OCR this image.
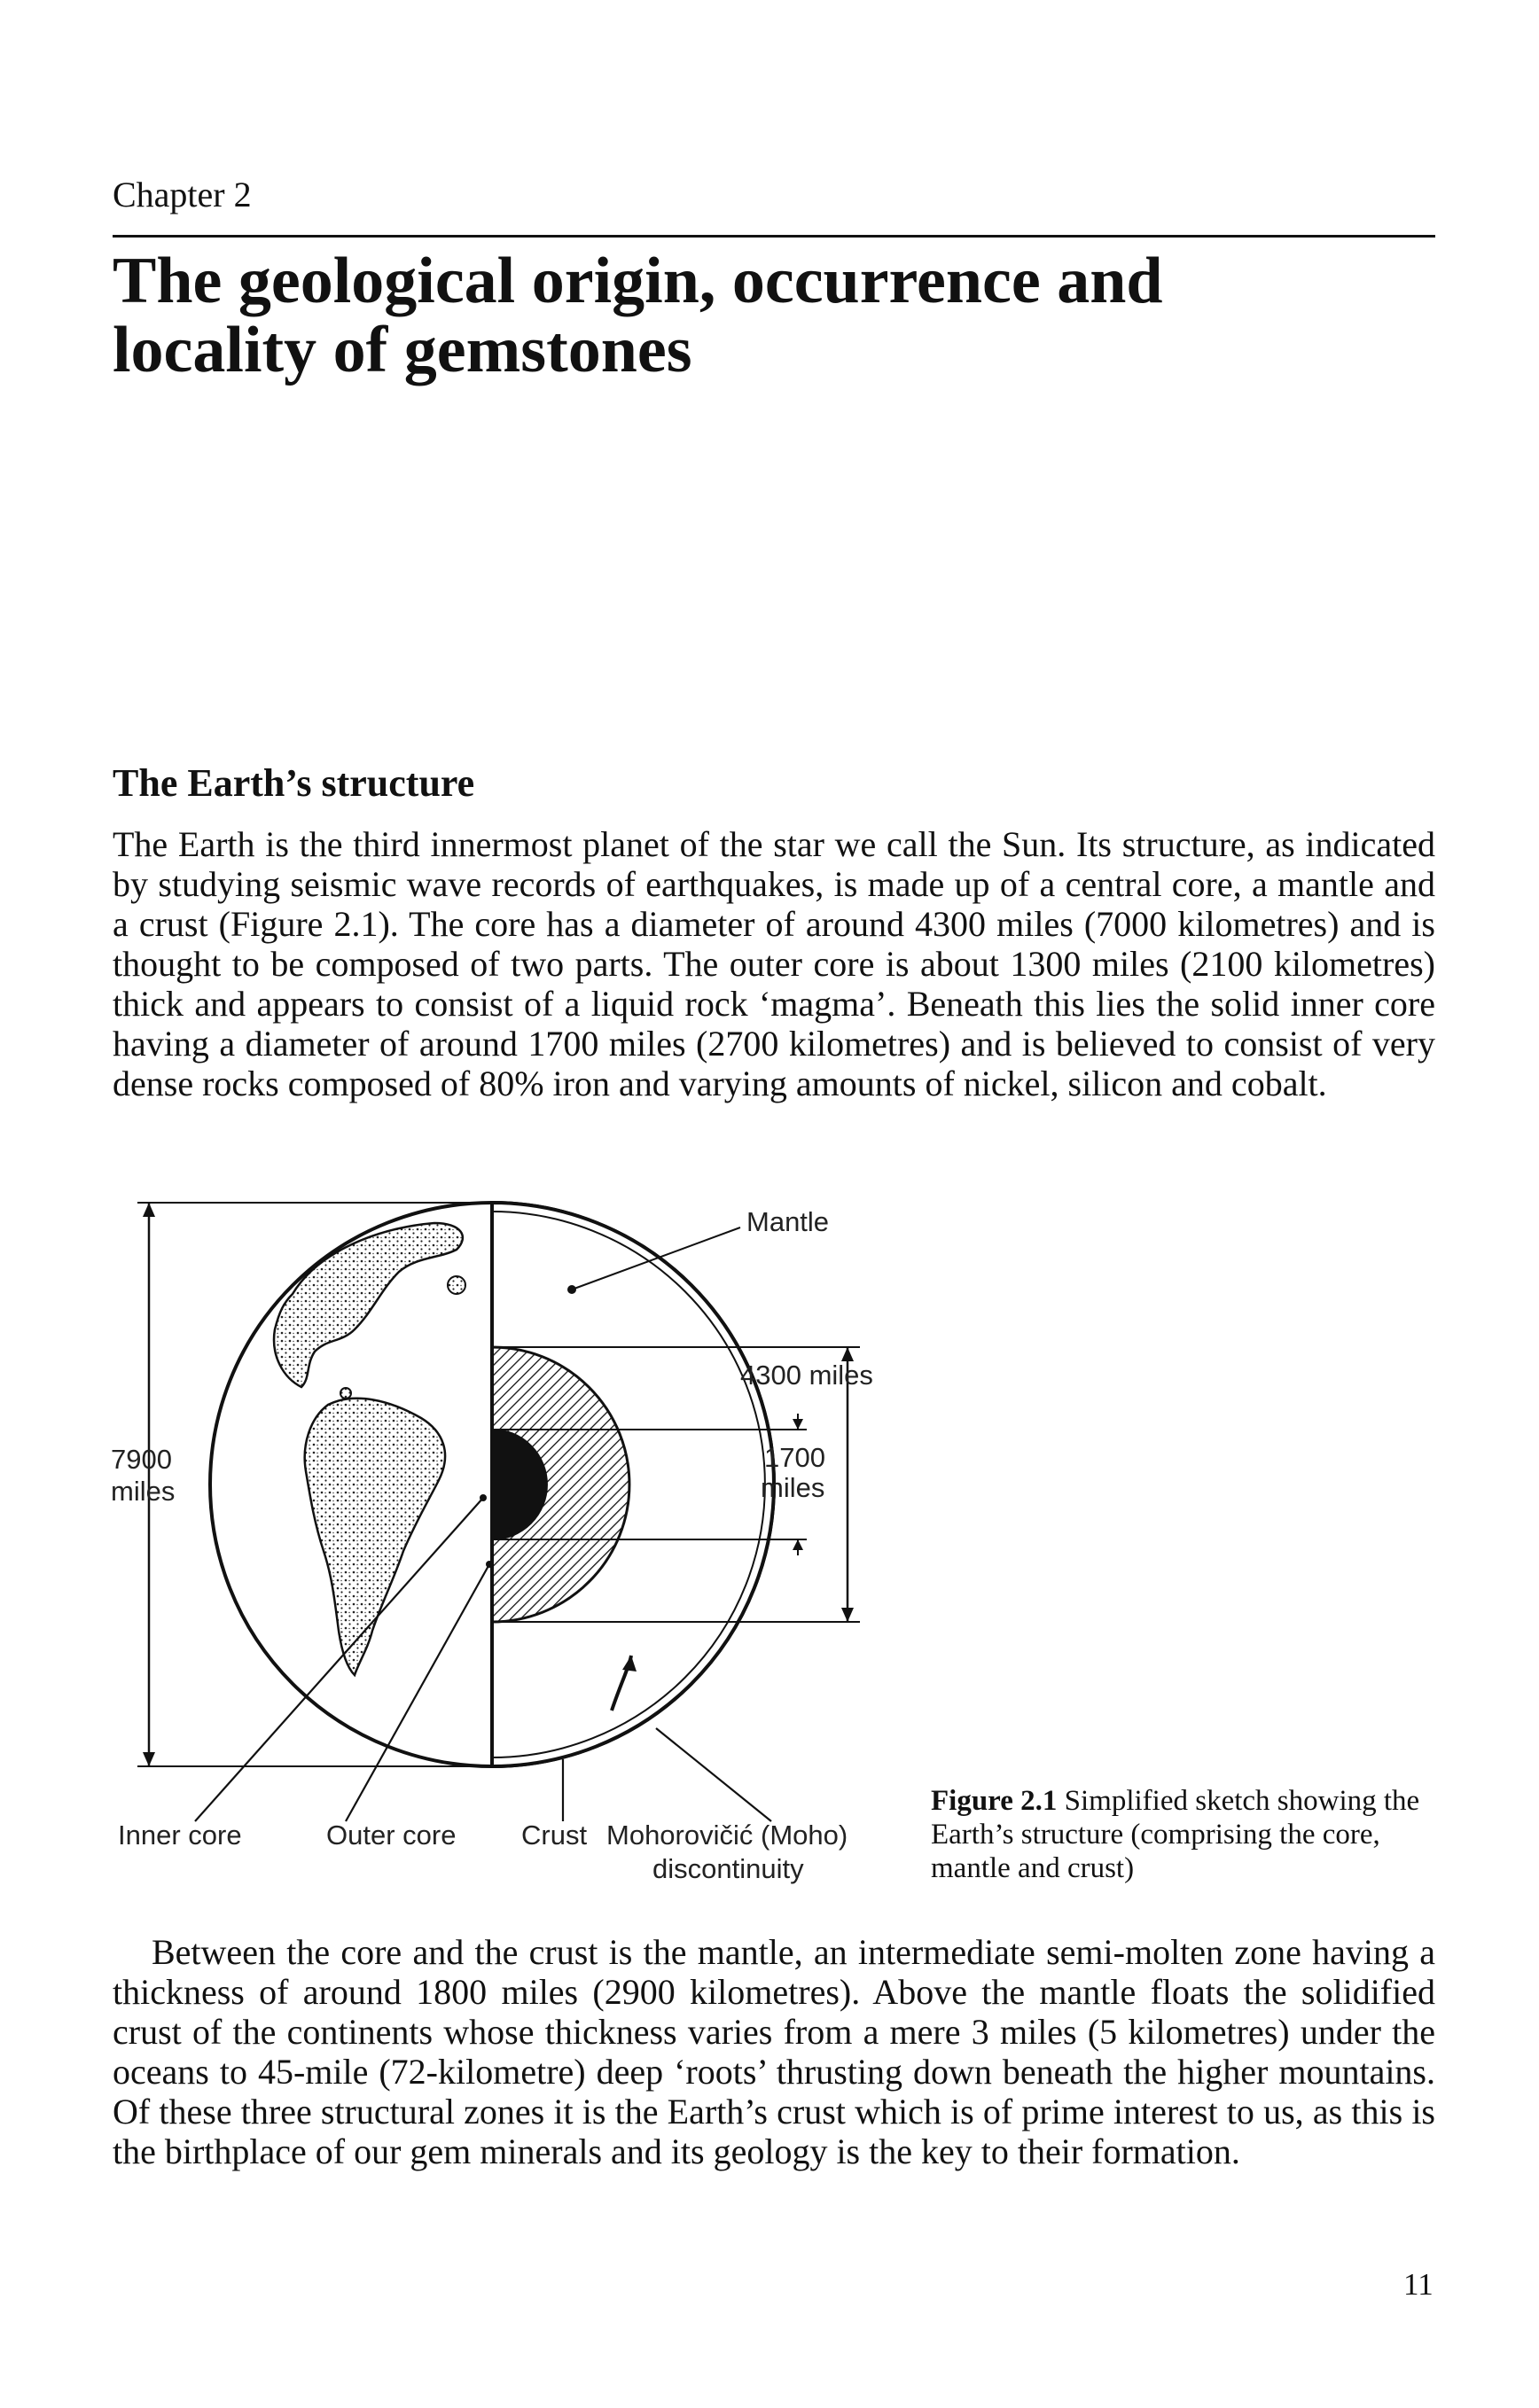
Chapter 2
The geological origin, occurrence and locality of gemstones
The Earth’s structure

The Earth is the third innermost planet of the star we call the Sun. Its structure, as indicated by studying seismic wave records of earthquakes, is made up of a central core, a mantle and a crust (Figure 2.1). The core has a diameter of around 4300 miles (7000 kilometres) and is thought to be composed of two parts. The outer core is about 1300 miles (2100 kilometres) thick and appears to consist of a liquid rock ‘magma’. Beneath this lies the solid inner core having a diameter of around 1700 miles (2700 kilometres) and is believed to consist of very dense rocks composed of 80% iron and varying amounts of nickel, silicon and cobalt.

Mantle
4300 miles
1700
miles
7900
miles
Inner core	Outer core Crust Mohorovičić (Moho)
discontinuity

Figure 2.1 Simplified sketch showing the Earth’s structure (comprising the core, mantle and crust)

Between the core and the crust is the mantle, an intermediate semi-molten zone having a thickness of around 1800 miles (2900 kilometres). Above the mantle floats the solidified crust of the continents whose thickness varies from a mere 3 miles (5 kilometres) under the oceans to 45-mile (72-kilometre) deep ‘roots’ thrusting down beneath the higher mountains. Of these three structural zones it is the Earth’s crust which is of prime interest to us, as this is the birthplace of our gem minerals and its geology is the key to their formation.

11
